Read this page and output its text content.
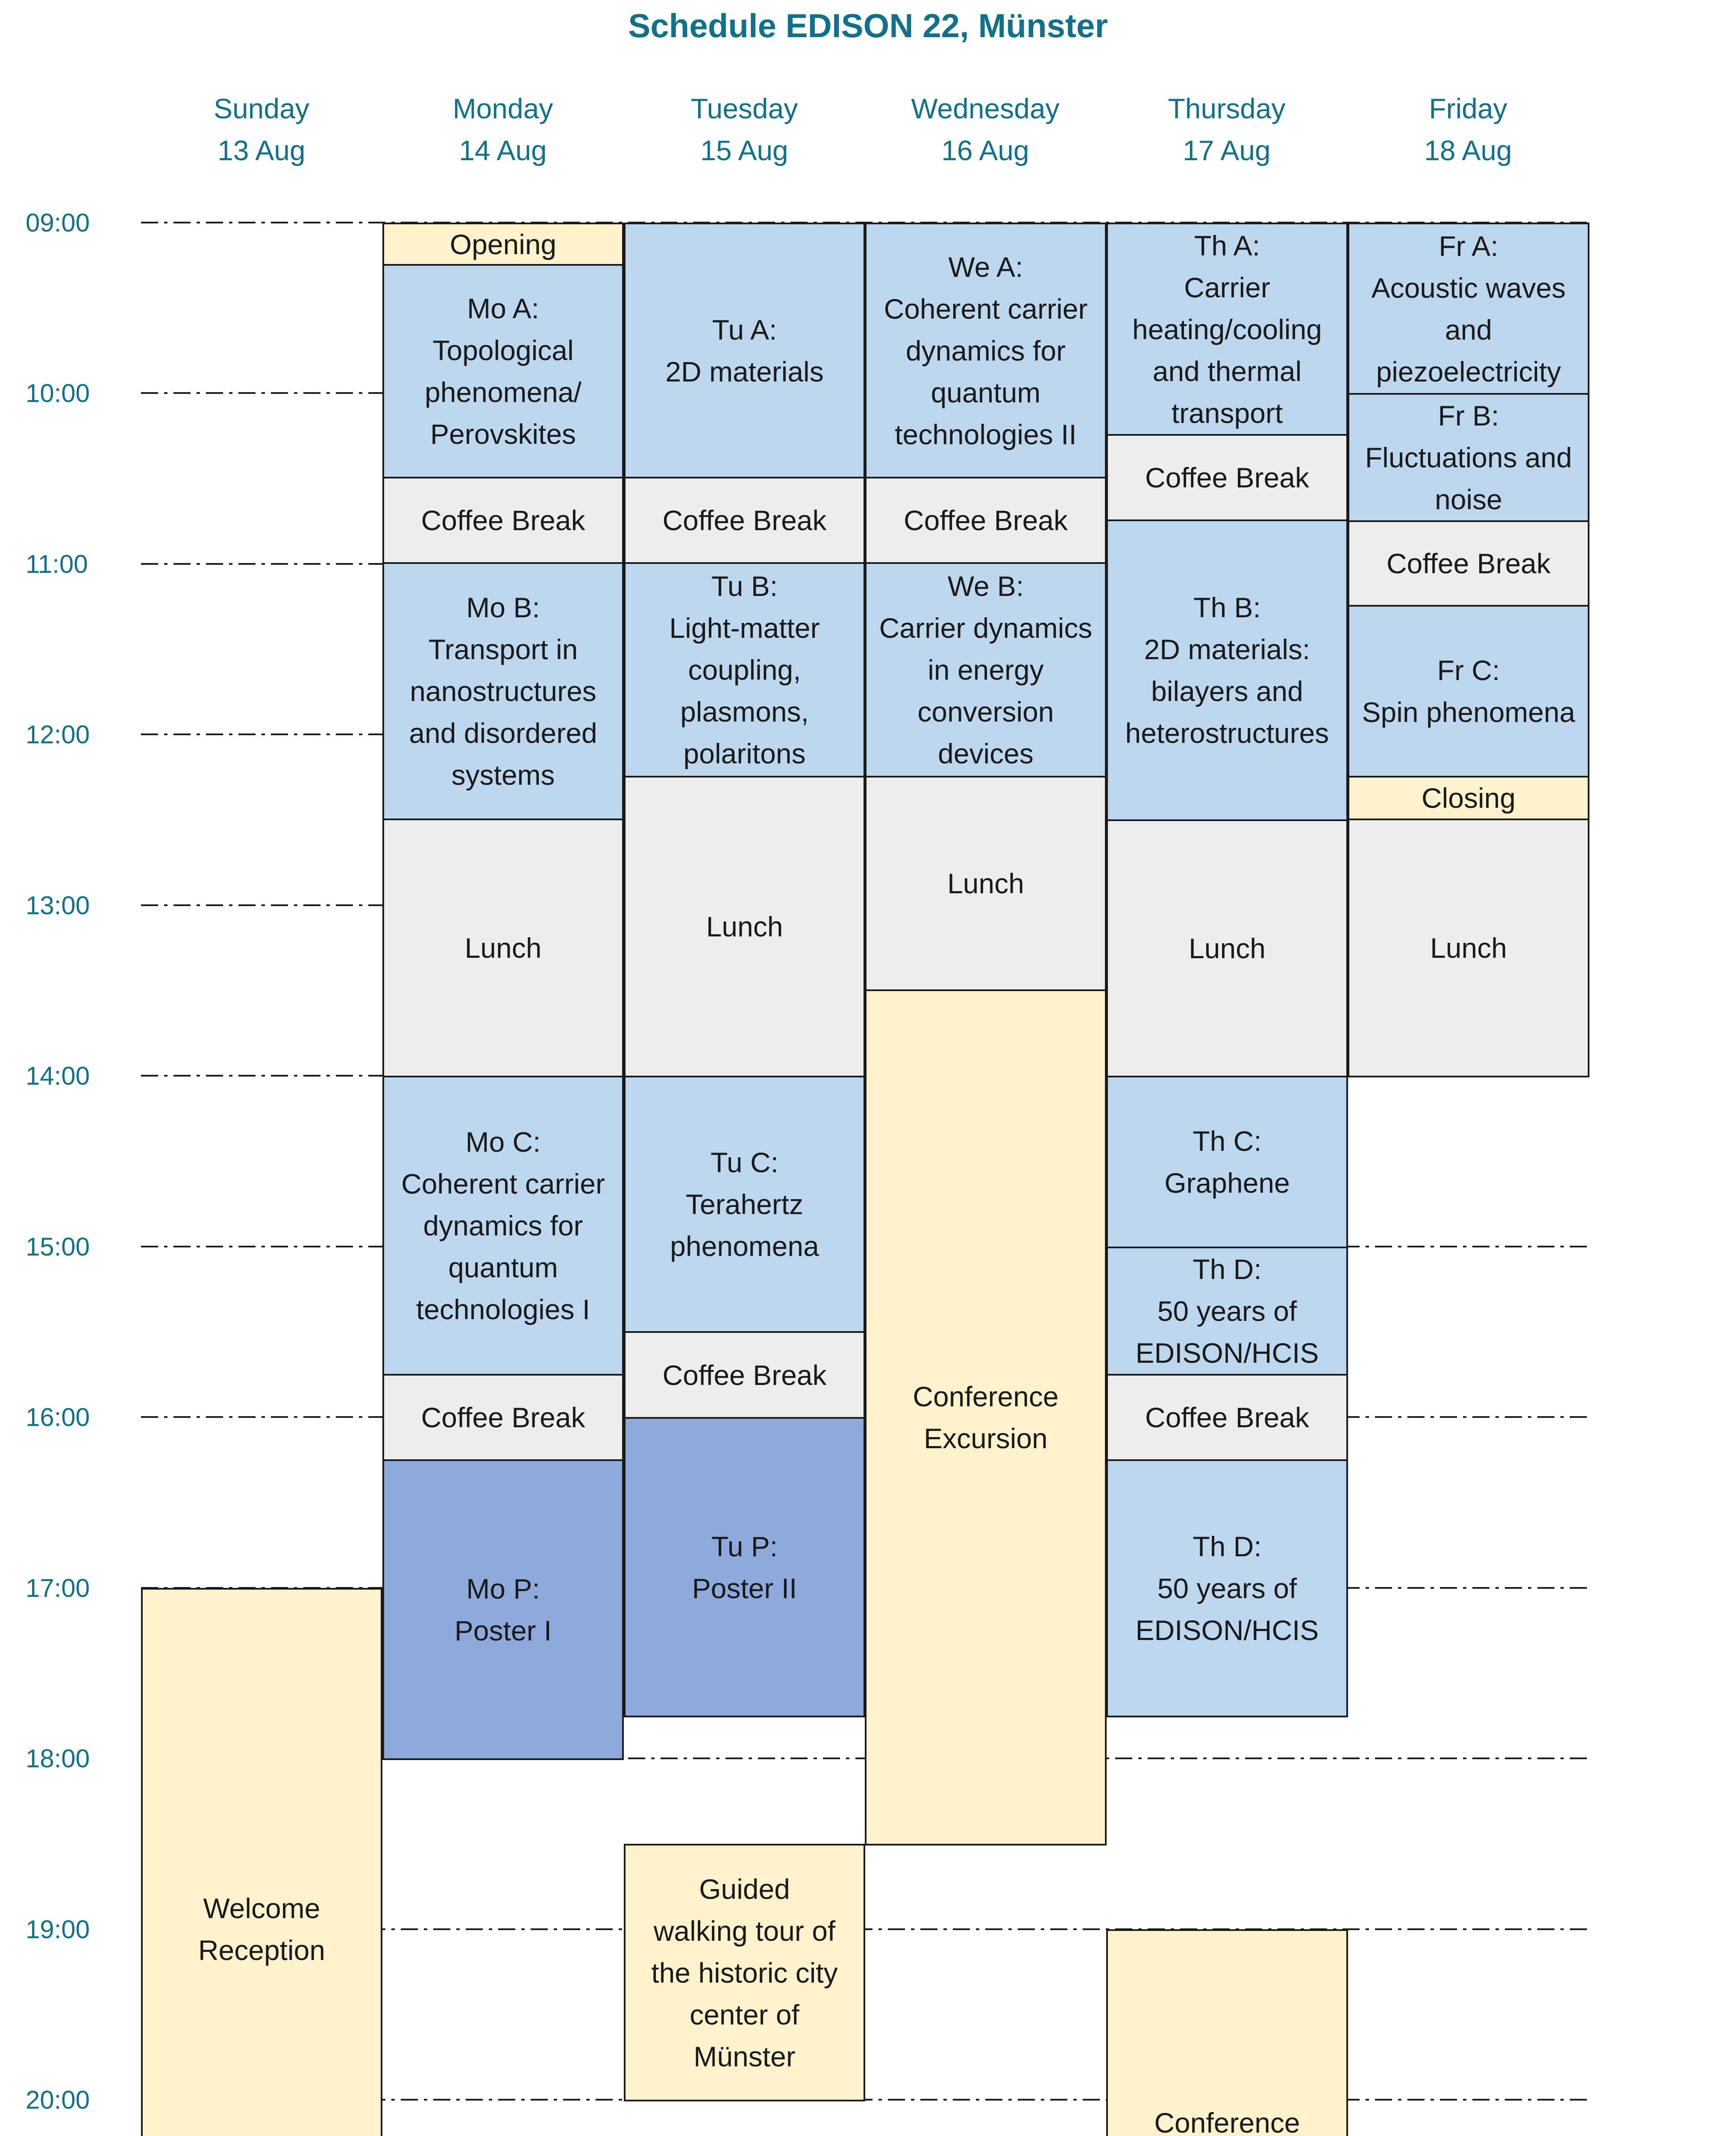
Schedule EDISON 22, Münster
Sunday
13 Aug
Monday
14 Aug
Tuesday
15 Aug
Wednesday
16 Aug
Thursday
17 Aug
Friday
18 Aug
09:00
10:00
11:00
12:00
13:00
14:00
15:00
16:00
17:00
18:00
19:00
20:00
Welcome
Reception
Opening
Mo A:
Topological
phenomena/
Perovskites
Coffee Break
Mo B:
Transport in
nanostructures
and disordered
systems
Lunch
Mo C:
Coherent carrier
dynamics for
quantum
technologies I
Coffee Break
Mo P:
Poster I
Tu A:
2D materials
Coffee Break
Tu B:
Light-matter
coupling,
plasmons,
polaritons
Lunch
Tu C:
Terahertz
phenomena
Coffee Break
Tu P:
Poster II
Guided
walking tour of
the historic city
center of
Münster
We A:
Coherent carrier
dynamics for
quantum
technologies II
Coffee Break
We B:
Carrier dynamics
in energy
conversion
devices
Lunch
Conference
Excursion
Th A:
Carrier
heating/cooling
and thermal
transport
Coffee Break
Th B:
2D materials:
bilayers and
heterostructures
Lunch
Th C:
Graphene
Th D:
50 years of
EDISON/HCIS
Coffee Break
Th D:
50 years of
EDISON/HCIS
Conference

Fr A:
Acoustic waves
and
piezoelectricity
Fr B:
Fluctuations and
noise
Coffee Break
Fr C:
Spin phenomena
Closing
Lunch
